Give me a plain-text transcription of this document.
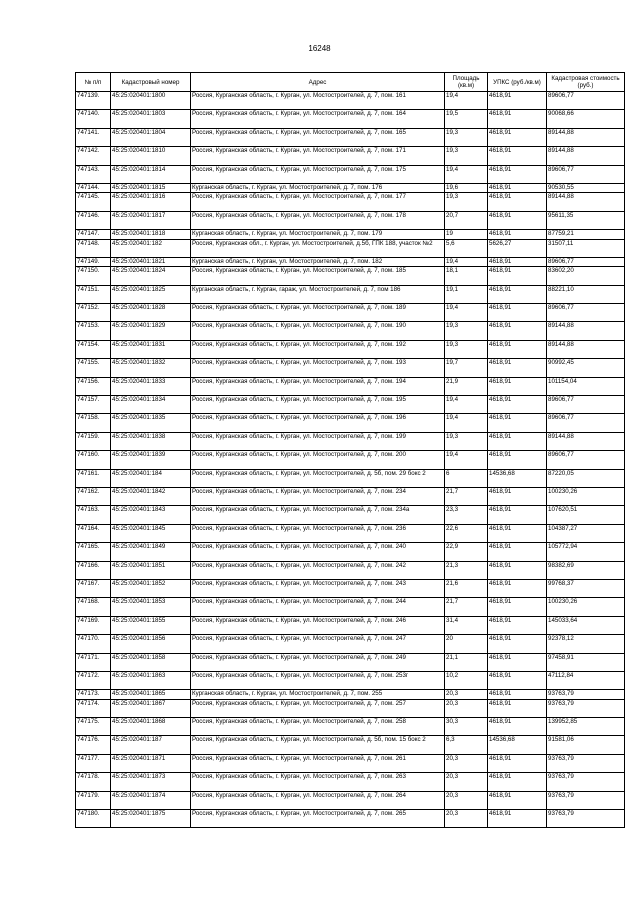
16248
№ п/п	Кадастровый номер	Адрес	Площадь (кв.м)	УПКС (руб./кв.м)	Кадастровая стоимость (руб.)
747139.	45:25:020401:1800	Россия, Курганская область, г. Курган, ул. Мостостроителей, д. 7, пом. 161	19,4	4618,91	89606,77
747140.	45:25:020401:1803	Россия, Курганская область, г. Курган, ул. Мостостроителей, д. 7, пом. 164	19,5	4618,91	90068,66
747141.	45:25:020401:1804	Россия, Курганская область, г. Курган, ул. Мостостроителей, д. 7, пом. 165	19,3	4618,91	89144,88
747142.	45:25:020401:1810	Россия, Курганская область, г. Курган, ул. Мостостроителей, д. 7, пом. 171	19,3	4618,91	89144,88
747143.	45:25:020401:1814	Россия, Курганская область, г. Курган, ул. Мостостроителей, д. 7, пом. 175	19,4	4618,91	89606,77
747144.	45:25:020401:1815	Курганская область, г. Курган, ул. Мостостроителей, д. 7, пом. 176	19,6	4618,91	90530,55
747145.	45:25:020401:1816	Россия, Курганская область, г. Курган, ул. Мостостроителей, д. 7, пом. 177	19,3	4618,91	89144,88
747146.	45:25:020401:1817	Россия, Курганская область, г. Курган, ул. Мостостроителей, д. 7, пом. 178	20,7	4618,91	95611,35
747147.	45:25:020401:1818	Курганская область, г. Курган, ул. Мостостроителей, д. 7, пом. 179	19	4618,91	87759,21
747148.	45:25:020401:182	Россия, Курганская обл., г. Курган, ул. Мостостроителей, д.5б, ГПК 188, участок №2	5,6	5626,27	31507,11
747149.	45:25:020401:1821	Курганская область, г. Курган, ул. Мостостроителей, д. 7, пом. 182	19,4	4618,91	89606,77
747150.	45:25:020401:1824	Россия, Курганская область, г. Курган, ул. Мостостроителей, д. 7, пом. 185	18,1	4618,91	83602,20
747151.	45:25:020401:1825	Курганская область, г. Курган, гараж, ул. Мостостроителей, д. 7, пом 186	19,1	4618,91	88221,10
747152.	45:25:020401:1828	Россия, Курганская область, г. Курган, ул. Мостостроителей, д. 7, пом. 189	19,4	4618,91	89606,77
747153.	45:25:020401:1829	Россия, Курганская область, г. Курган, ул. Мостостроителей, д. 7, пом. 190	19,3	4618,91	89144,88
747154.	45:25:020401:1831	Россия, Курганская область, г. Курган, ул. Мостостроителей, д. 7, пом. 192	19,3	4618,91	89144,88
747155.	45:25:020401:1832	Россия, Курганская область, г. Курган, ул. Мостостроителей, д. 7, пом. 193	19,7	4618,91	90992,45
747156.	45:25:020401:1833	Россия, Курганская область, г. Курган, ул. Мостостроителей, д. 7, пом. 194	21,9	4618,91	101154,04
747157.	45:25:020401:1834	Россия, Курганская область, г. Курган, ул. Мостостроителей, д. 7, пом. 195	19,4	4618,91	89606,77
747158.	45:25:020401:1835	Россия, Курганская область, г. Курган, ул. Мостостроителей, д. 7, пом. 196	19,4	4618,91	89606,77
747159.	45:25:020401:1838	Россия, Курганская область, г. Курган, ул. Мостостроителей, д. 7, пом. 199	19,3	4618,91	89144,88
747160.	45:25:020401:1839	Россия, Курганская область, г. Курган, ул. Мостостроителей, д. 7, пом. 200	19,4	4618,91	89606,77
747161.	45:25:020401:184	Россия, Курганская область, г. Курган, ул. Мостостроителей, д. 5б, пом. 29 бокс 2	6	14536,68	87220,05
747162.	45:25:020401:1842	Россия, Курганская область, г. Курган, ул. Мостостроителей, д. 7, пом. 234	21,7	4618,91	100230,26
747163.	45:25:020401:1843	Россия, Курганская область, г. Курган, ул. Мостостроителей, д. 7, пом. 234а	23,3	4618,91	107620,51
747164.	45:25:020401:1845	Россия, Курганская область, г. Курган, ул. Мостостроителей, д. 7, пом. 236	22,6	4618,91	104387,27
747165.	45:25:020401:1849	Россия, Курганская область, г. Курган, ул. Мостостроителей, д. 7, пом. 240	22,9	4618,91	105772,94
747166.	45:25:020401:1851	Россия, Курганская область, г. Курган, ул. Мостостроителей, д. 7, пом. 242	21,3	4618,91	98382,69
747167.	45:25:020401:1852	Россия, Курганская область, г. Курган, ул. Мостостроителей, д. 7, пом. 243	21,6	4618,91	99768,37
747168.	45:25:020401:1853	Россия, Курганская область, г. Курган, ул. Мостостроителей, д. 7, пом. 244	21,7	4618,91	100230,26
747169.	45:25:020401:1855	Россия, Курганская область, г. Курган, ул. Мостостроителей, д. 7, пом. 246	31,4	4618,91	145033,64
747170.	45:25:020401:1856	Россия, Курганская область, г. Курган, ул. Мостостроителей, д. 7, пом. 247	20	4618,91	92378,12
747171.	45:25:020401:1858	Россия, Курганская область, г. Курган, ул. Мостостроителей, д. 7, пом. 249	21,1	4618,91	97458,91
747172.	45:25:020401:1863	Россия, Курганская область, г. Курган, ул. Мостостроителей, д. 7, пом. 253г	10,2	4618,91	47112,84
747173.	45:25:020401:1865	Курганская область, г. Курган, ул. Мостостроителей, д. 7, пом. 255	20,3	4618,91	93763,79
747174.	45:25:020401:1867	Россия, Курганская область, г. Курган, ул. Мостостроителей, д. 7, пом. 257	20,3	4618,91	93763,79
747175.	45:25:020401:1868	Россия, Курганская область, г. Курган, ул. Мостостроителей, д. 7, пом. 258	30,3	4618,91	139952,85
747176.	45:25:020401:187	Россия, Курганская область, г. Курган, ул. Мостостроителей, д. 5б, пом. 15 бокс 2	6,3	14536,68	91581,06
747177.	45:25:020401:1871	Россия, Курганская область, г. Курган, ул. Мостостроителей, д. 7, пом. 261	20,3	4618,91	93763,79
747178.	45:25:020401:1873	Россия, Курганская область, г. Курган, ул. Мостостроителей, д. 7, пом. 263	20,3	4618,91	93763,79
747179.	45:25:020401:1874	Россия, Курганская область, г. Курган, ул. Мостостроителей, д. 7, пом. 264	20,3	4618,91	93763,79
747180.	45:25:020401:1875	Россия, Курганская область, г. Курган, ул. Мостостроителей, д. 7, пом. 265	20,3	4618,91	93763,79
